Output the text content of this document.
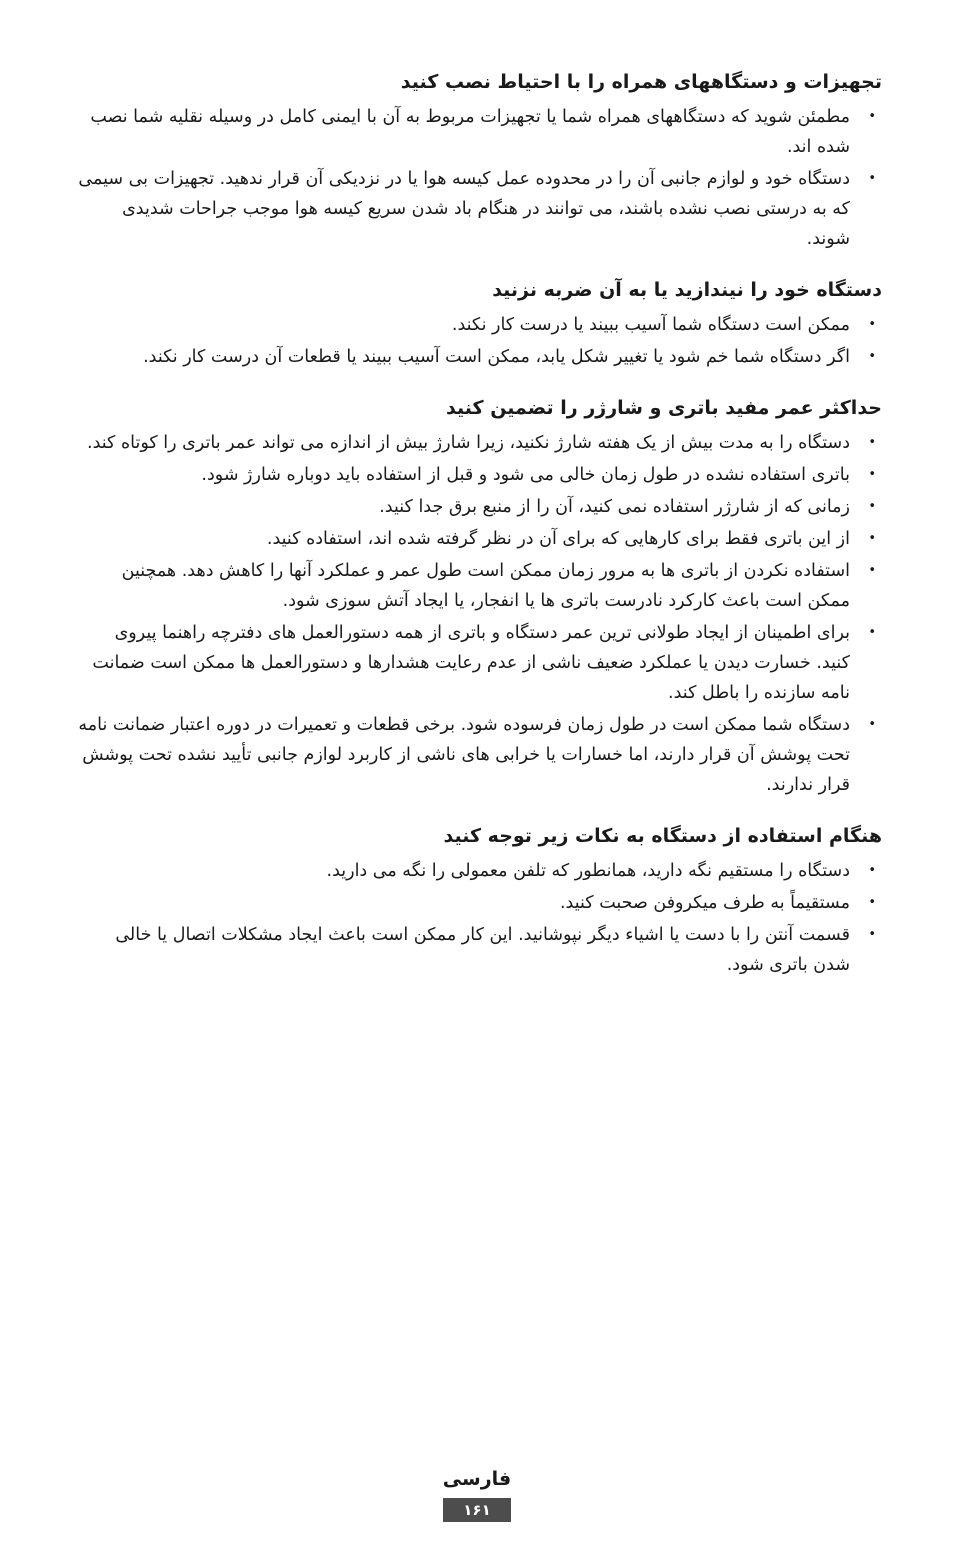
تجهیزات و دستگاههای همراه را با احتیاط نصب کنید
•
مطمئن شوید که دستگاههای همراه شما یا تجهیزات مربوط به آن با ایمنی کامل در وسیله نقلیه شما نصب شده اند.
•
دستگاه خود و لوازم جانبی آن را در محدوده عمل کیسه هوا یا در نزدیکی آن قرار ندهید. تجهیزات بی سیمی که به درستی نصب نشده باشند، می توانند در هنگام باد شدن سریع کیسه هوا موجب جراحات شدیدی شوند.
دستگاه خود را نیندازید یا به آن ضربه نزنید
•
ممکن است دستگاه شما آسیب ببیند یا درست کار نکند.
•
اگر دستگاه شما خم شود یا تغییر شکل یابد، ممکن است آسیب ببیند یا قطعات آن درست کار نکند.
حداکثر عمر مفید باتری و شارژر را تضمین کنید
•
دستگاه را به مدت بیش از یک هفته شارژ نکنید، زیرا شارژ بیش از اندازه می تواند عمر باتری را کوتاه کند.
•
باتری استفاده نشده در طول زمان خالی می شود و قبل از استفاده باید دوباره شارژ شود.
•
زمانی که از شارژر استفاده نمی کنید، آن را از منبع برق جدا کنید.
•
از این باتری فقط برای کارهایی که برای آن در نظر گرفته شده اند، استفاده کنید.
•
استفاده نکردن از باتری ها به مرور زمان ممکن است طول عمر و عملکرد آنها را کاهش دهد. همچنین ممکن است باعث کارکرد نادرست باتری ها یا انفجار، یا ایجاد آتش سوزی شود.
•
برای اطمینان از ایجاد طولانی ترین عمر دستگاه و باتری از همه دستورالعمل های دفترچه راهنما پیروی کنید. خسارت دیدن یا عملکرد ضعیف ناشی از عدم رعایت هشدارها و دستورالعمل ها ممکن است ضمانت نامه سازنده را باطل کند.
•
دستگاه شما ممکن است در طول زمان فرسوده شود. برخی قطعات و تعمیرات در دوره اعتبار ضمانت نامه تحت پوشش آن قرار دارند، اما خسارات یا خرابی های ناشی از کاربرد لوازم جانبی تأیید نشده تحت پوشش قرار ندارند.
هنگام استفاده از دستگاه به نکات زیر توجه کنید
•
دستگاه را مستقیم نگه دارید، همانطور که تلفن معمولی را نگه می دارید.
•
مستقیماً به طرف میکروفن صحبت کنید.
•
قسمت آنتن را با دست یا اشیاء دیگر نپوشانید. این کار ممکن است باعث ایجاد مشکلات اتصال یا خالی شدن باتری شود.
فارسی
۱۶۱
